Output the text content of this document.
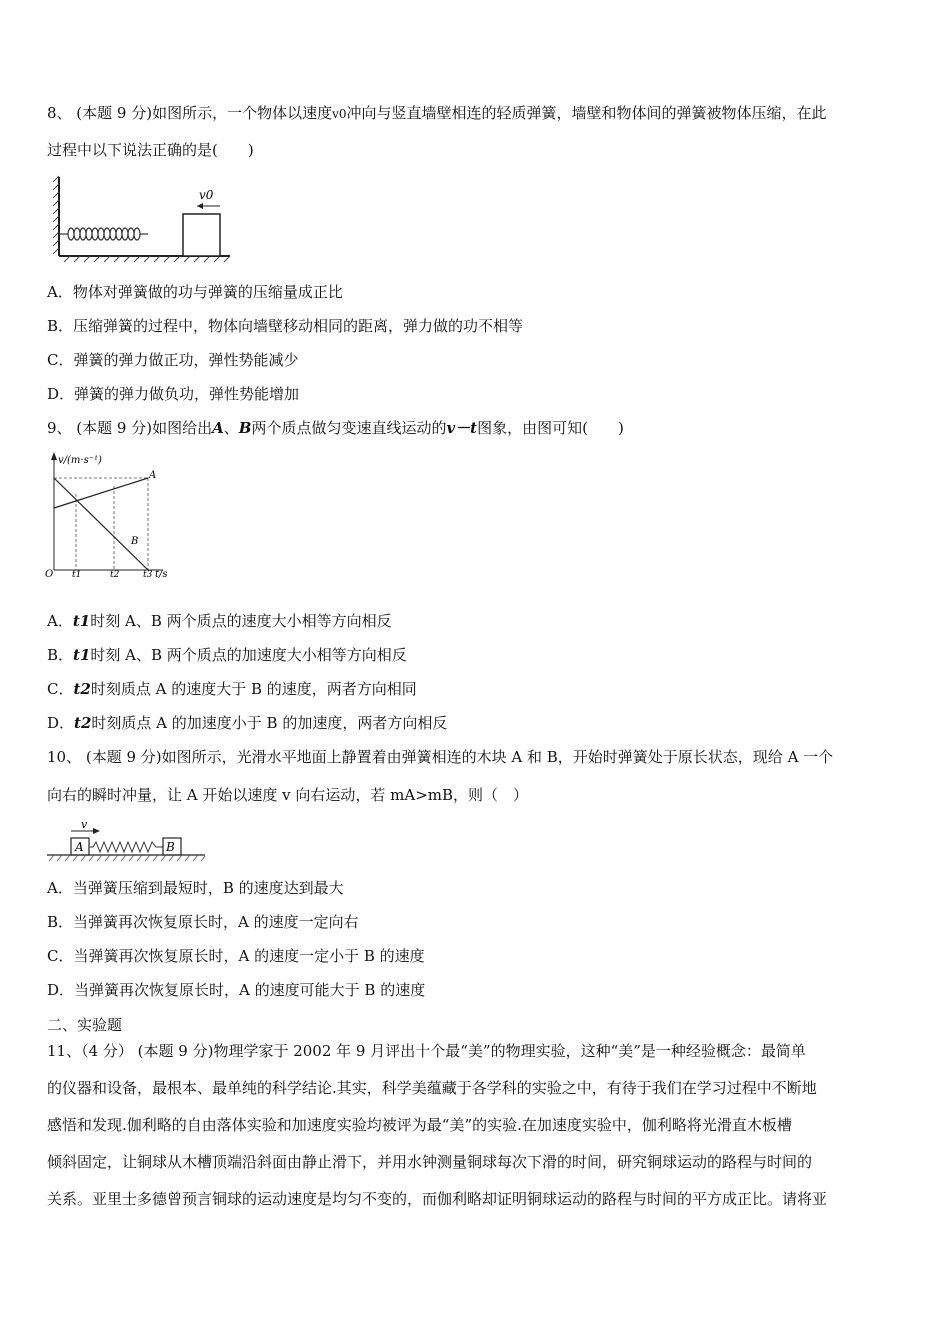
8、 (本题 9 分)如图所示，一个物体以速度v0冲向与竖直墙壁相连的轻质弹簧，墙壁和物体间的弹簧被物体压缩，在此
过程中以下说法正确的是(　　)
v0
A．物体对弹簧做的功与弹簧的压缩量成正比
B．压缩弹簧的过程中，物体向墙壁移动相同的距离，弹力做的功不相等
C．弹簧的弹力做正功，弹性势能减少
D．弹簧的弹力做负功，弹性势能增加
9、 (本题 9 分)如图给出A、B两个质点做匀变速直线运动的v－t图象，由图可知(　　)
v/(m·s⁻¹)
t/s
O
A
B
t1	t2	t3
A．t1时刻 A、B 两个质点的速度大小相等方向相反
B．t1时刻 A、B 两个质点的加速度大小相等方向相反
C．t2时刻质点 A 的速度大于 B 的速度，两者方向相同
D．t2时刻质点 A 的加速度小于 B 的加速度，两者方向相反
10、 (本题 9 分)如图所示，光滑水平地面上静置着由弹簧相连的木块 A 和 B，开始时弹簧处于原长状态，现给 A 一个
向右的瞬时冲量，让 A 开始以速度 v 向右运动，若 mA>mB，则（　）
v
A	B
A．当弹簧压缩到最短时，B 的速度达到最大
B．当弹簧再次恢复原长时，A 的速度一定向右
C．当弹簧再次恢复原长时，A 的速度一定小于 B 的速度
D．当弹簧再次恢复原长时，A 的速度可能大于 B 的速度
二、实验题
11、（4 分） (本题 9 分)物理学家于 2002 年 9 月评出十个最“美”的物理实验，这种“美”是一种经验概念：最简单
的仪器和设备，最根本、最单纯的科学结论.其实，科学美蕴藏于各学科的实验之中，有待于我们在学习过程中不断地
感悟和发现.伽利略的自由落体实验和加速度实验均被评为最“美”的实验.在加速度实验中，伽利略将光滑直木板槽
倾斜固定，让铜球从木槽顶端沿斜面由静止滑下，并用水钟测量铜球每次下滑的时间，研究铜球运动的路程与时间的
关系。亚里士多德曾预言铜球的运动速度是均匀不变的，而伽利略却证明铜球运动的路程与时间的平方成正比。请将亚
